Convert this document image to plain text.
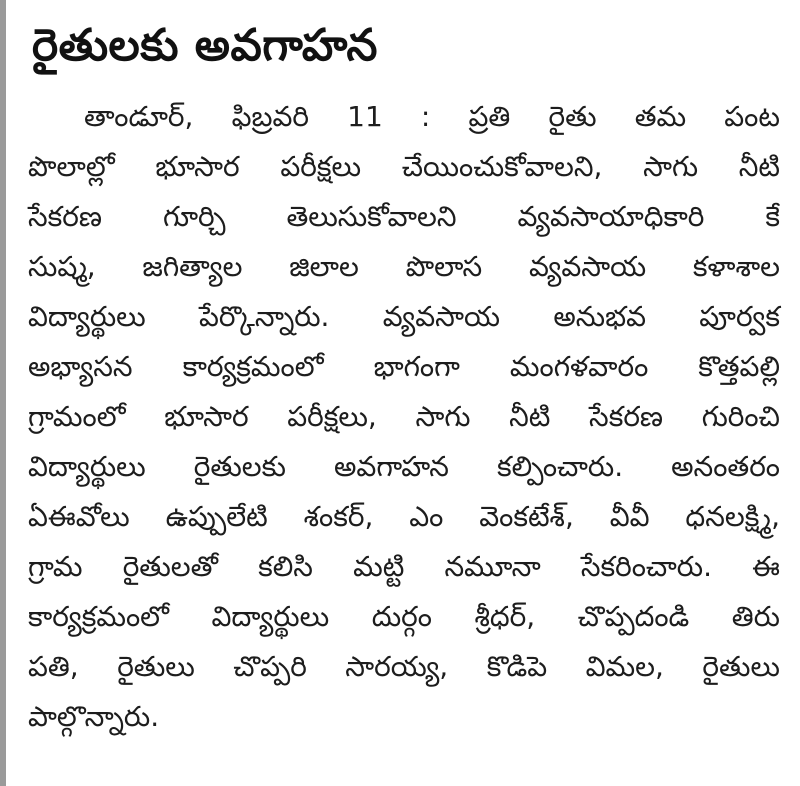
రైతులకు అవగాహన

తాండూర్, ఫిబ్రవరి 11 : ప్రతి రైతు తమ పంట
పొలాల్లో భూసార పరీక్షలు చేయించుకోవాలని, సాగు నీటి
సేకరణ గూర్చి తెలుసుకోవాలని వ్యవసాయాధికారి కే
సుష్మ, జగిత్యాల జిలాల పొలాస వ్యవసాయ కళాశాల
విద్యార్థులు పేర్కొన్నారు. వ్యవసాయ అనుభవ పూర్వక
అభ్యాసన కార్యక్రమంలో భాగంగా మంగళవారం కొత్తపల్లి
గ్రామంలో భూసార పరీక్షలు, సాగు నీటి సేకరణ గురించి
విద్యార్థులు రైతులకు అవగాహన కల్పించారు. అనంతరం
ఏఈవోలు ఉప్పులేటి శంకర్, ఎం వెంకటేశ్, వీవీ ధనలక్ష్మి,
గ్రామ రైతులతో కలిసి మట్టి నమూనా సేకరించారు. ఈ
కార్యక్రమంలో విద్యార్థులు దుర్గం శ్రీధర్, చొప్పదండి తిరు
పతి, రైతులు చొప్పరి సారయ్య, కొడిపె విమల, రైతులు
పాల్గొన్నారు.
